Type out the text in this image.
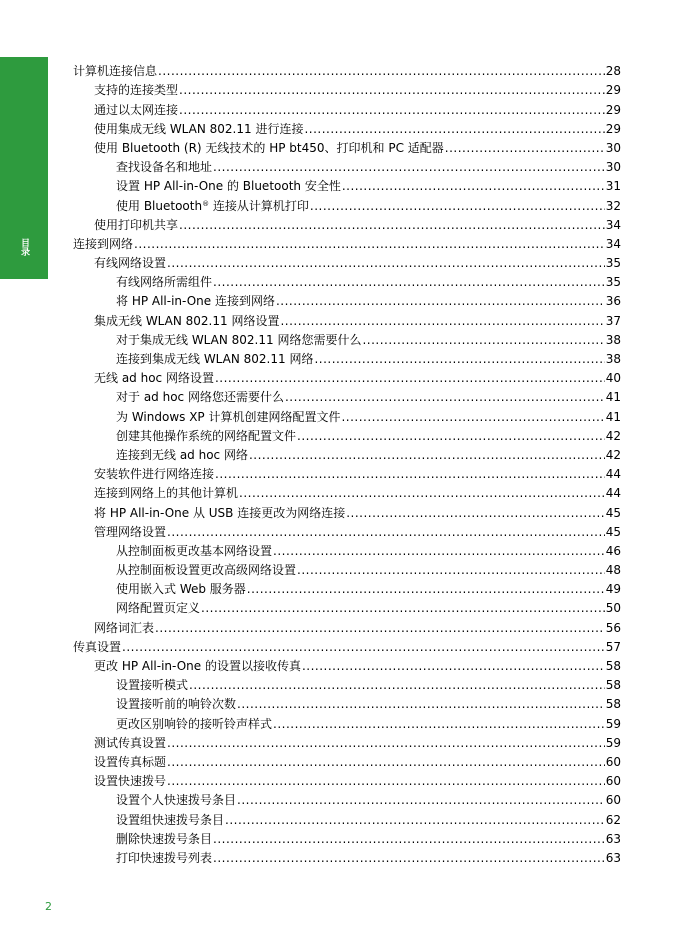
目录
计算机连接信息 .....	28
支持的连接类型 .....	29
通过以太网连接 .....	29
使用集成无线 WLAN 802.11 进行连接 .....	29
使用 Bluetooth (R) 无线技术的 HP bt450、打印机和 PC 适配器 .....	30
查找设备名和地址 .....	30
设置 HP All-in-One 的 Bluetooth 安全性 .....	31
使用 Bluetooth® 连接从计算机打印 .....	32
使用打印机共享 .....	34
连接到网络 .....	34
有线网络设置 .....	35
有线网络所需组件 .....	35
将 HP All-in-One 连接到网络 .....	36
集成无线 WLAN 802.11 网络设置 .....	37
对于集成无线 WLAN 802.11 网络您需要什么 .....	38
连接到集成无线 WLAN 802.11 网络 .....	38
无线 ad hoc 网络设置 .....	40
对于 ad hoc 网络您还需要什么 .....	41
为 Windows XP 计算机创建网络配置文件 .....	41
创建其他操作系统的网络配置文件 .....	42
连接到无线 ad hoc 网络 .....	42
安装软件进行网络连接 .....	44
连接到网络上的其他计算机 .....	44
将 HP All-in-One 从 USB 连接更改为网络连接 .....	45
管理网络设置 .....	45
从控制面板更改基本网络设置 .....	46
从控制面板设置更改高级网络设置 .....	48
使用嵌入式 Web 服务器 .....	49
网络配置页定义 .....	50
网络词汇表 .....	56
传真设置 .....	57
更改 HP All-in-One 的设置以接收传真 .....	58
设置接听模式 .....	58
设置接听前的响铃次数 .....	58
更改区别响铃的接听铃声样式 .....	59
测试传真设置 .....	59
设置传真标题 .....	60
设置快速拨号 .....	60
设置个人快速拨号条目 .....	60
设置组快速拨号条目 .....	62
删除快速拨号条目 .....	63
打印快速拨号列表 .....	63
2
